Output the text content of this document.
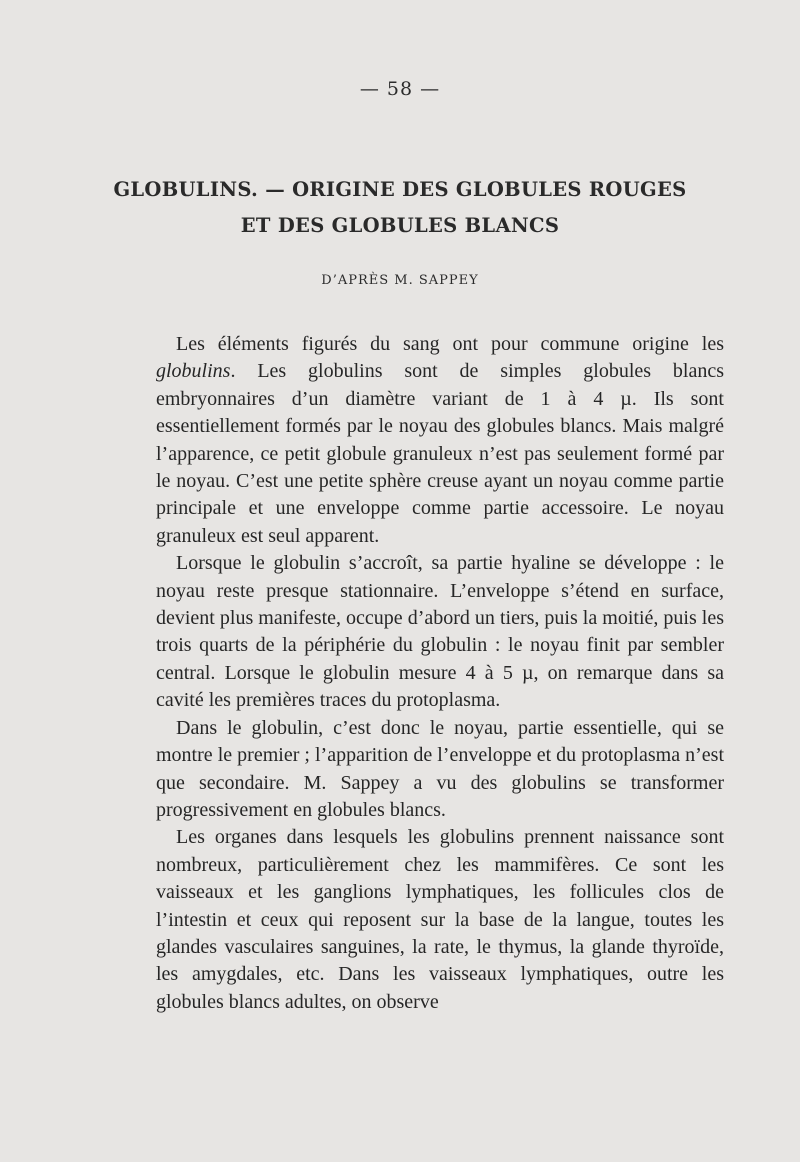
— 58 —
GLOBULINS. — ORIGINE DES GLOBULES ROUGES
ET DES GLOBULES BLANCS
D’APRÈS M. SAPPEY

Les éléments figurés du sang ont pour commune origine les globulins. Les globulins sont de simples globules blancs embryonnaires d’un diamètre variant de 1 à 4 µ. Ils sont essentiellement formés par le noyau des globules blancs. Mais malgré l’apparence, ce petit globule granuleux n’est pas seulement formé par le noyau. C’est une petite sphère creuse ayant un noyau comme partie principale et une enveloppe comme partie accessoire. Le noyau granuleux est seul apparent.

Lorsque le globulin s’accroît, sa partie hyaline se développe : le noyau reste presque stationnaire. L’enveloppe s’étend en surface, devient plus manifeste, occupe d’abord un tiers, puis la moitié, puis les trois quarts de la périphérie du globulin : le noyau finit par sembler central. Lorsque le globulin mesure 4 à 5 µ, on remarque dans sa cavité les premières traces du protoplasma.

Dans le globulin, c’est donc le noyau, partie essentielle, qui se montre le premier ; l’apparition de l’enveloppe et du protoplasma n’est que secondaire. M. Sappey a vu des globulins se transformer progressivement en globules blancs.

Les organes dans lesquels les globulins prennent naissance sont nombreux, particulièrement chez les mammifères. Ce sont les vaisseaux et les ganglions lymphatiques, les follicules clos de l’intestin et ceux qui reposent sur la base de la langue, toutes les glandes vasculaires sanguines, la rate, le thymus, la glande thyroïde, les amygdales, etc. Dans les vaisseaux lymphatiques, outre les globules blancs adultes, on observe
